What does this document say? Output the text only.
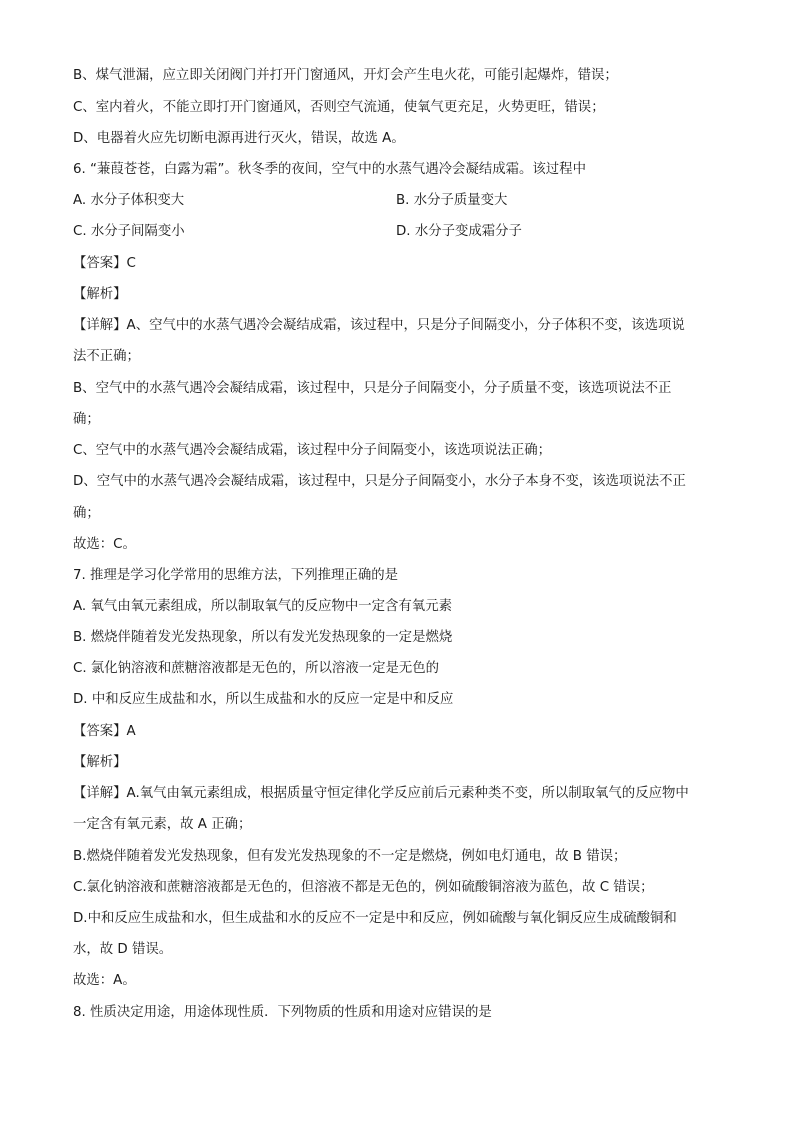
B、煤气泄漏，应立即关闭阀门并打开门窗通风，开灯会产生电火花，可能引起爆炸，错误；
C、室内着火，不能立即打开门窗通风，否则空气流通，使氧气更充足，火势更旺，错误；
D、电器着火应先切断电源再进行灭火，错误，故选 A。
6. “蒹葭苍苍，白露为霜”。秋冬季的夜间，空气中的水蒸气遇冷会凝结成霜。该过程中
A. 水分子体积变大	B. 水分子质量变大
C. 水分子间隔变小	D. 水分子变成霜分子
【答案】C
【解析】
【详解】A、空气中的水蒸气遇冷会凝结成霜，该过程中，只是分子间隔变小，分子体积不变，该选项说
法不正确；
B、空气中的水蒸气遇冷会凝结成霜，该过程中，只是分子间隔变小，分子质量不变，该选项说法不正
确；
C、空气中的水蒸气遇冷会凝结成霜，该过程中分子间隔变小，该选项说法正确；
D、空气中的水蒸气遇冷会凝结成霜，该过程中，只是分子间隔变小，水分子本身不变，该选项说法不正
确；
故选：C。
7. 推理是学习化学常用的思维方法，下列推理正确的是
A. 氧气由氧元素组成，所以制取氧气的反应物中一定含有氧元素
B. 燃烧伴随着发光发热现象，所以有发光发热现象的一定是燃烧
C. 氯化钠溶液和蔗糖溶液都是无色的，所以溶液一定是无色的
D. 中和反应生成盐和水，所以生成盐和水的反应一定是中和反应
【答案】A
【解析】
【详解】A.氧气由氧元素组成，根据质量守恒定律化学反应前后元素种类不变，所以制取氧气的反应物中
一定含有氧元素，故 A 正确；
B.燃烧伴随着发光发热现象，但有发光发热现象的不一定是燃烧，例如电灯通电，故 B 错误；
C.氯化钠溶液和蔗糖溶液都是无色的，但溶液不都是无色的，例如硫酸铜溶液为蓝色，故 C 错误；
D.中和反应生成盐和水，但生成盐和水的反应不一定是中和反应，例如硫酸与氧化铜反应生成硫酸铜和
水，故 D 错误。
故选：A。
8. 性质决定用途，用途体现性质．下列物质的性质和用途对应错误的是
